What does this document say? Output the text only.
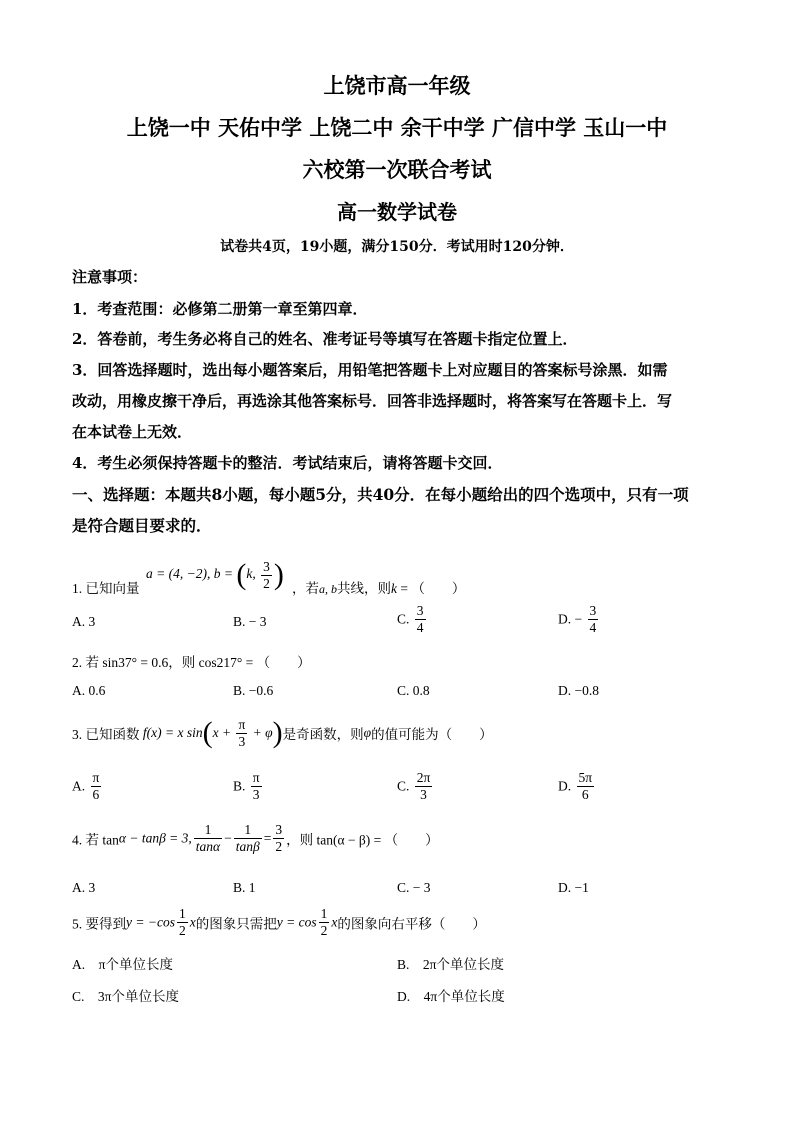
上饶市高一年级
上饶一中 天佑中学 上饶二中 余干中学 广信中学 玉山一中
六校第一次联合考试
高一数学试卷
试卷共4页，19小题，满分150分．考试用时120分钟．
注意事项：
1．考查范围：必修第二册第一章至第四章．
2．答卷前，考生务必将自己的姓名、准考证号等填写在答题卡指定位置上．
3．回答选择题时，选出每小题答案后，用铅笔把答题卡上对应题目的答案标号涂黑．如需
改动，用橡皮擦干净后，再选涂其他答案标号．回答非选择题时，将答案写在答题卡上．写
在本试卷上无效．
4．考生必须保持答题卡的整洁．考试结束后，请将答题卡交回．
一、选择题：本题共8小题，每小题5分，共40分．在每小题给出的四个选项中，只有一项
是符合题目要求的．
1. 已知向量
a = (4, −2), b = (k, $\frac{3}{2}$ ) ，若a, b共线，则k = （　　）
A. 3	B. − 3	C. $\frac{3}{4}$	D. − $\frac{3}{4}$
2. 若 sin37° = 0.6，则 cos217° = （　　）
A. 0.6	B. −0.6	C. 0.8	D. −0.8
3. 已知函数 f(x) = x $\sin(x + \frac{\pi}{3} + \varphi)$是奇函数，则φ的值可能为（　　）
A. $\frac{\pi}{6}$	B. $\frac{\pi}{3}$	C. $\frac{2\pi}{3}$	D. $\frac{5\pi}{6}$
4. 若 tanα − tanβ = 3, $\frac{1}{\tan\alpha} - \frac{1}{\tan\beta} = \frac{3}{2}$ ，则 tan(α − β) = （　　）
A. 3	B. 1	C. − 3	D. −1
5. 要得到$y = -\cos \frac{1}{2}$ x的图象只需把$y = \cos \frac{1}{2}$ x的图象向右平移（　　）
A.　π个单位长度	B.　2π个单位长度
C.　3π个单位长度	D.　4π个单位长度
